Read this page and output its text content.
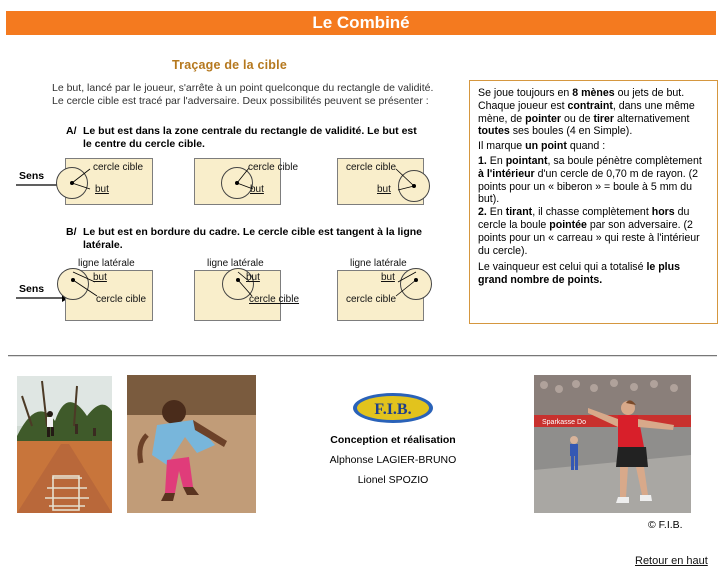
Le Combiné
Traçage de la cible
Le but, lancé par le joueur, s'arrête à un point quelconque du rectangle de validité. Le cercle cible est tracé par l'adversaire. Deux possibilités peuvent se présenter :
A/ Le but est dans la zone centrale du rectangle de validité. Le but est
le centre du cercle cible.
Sens
cercle cible
but
cercle cible
but
cercle cible
but
B/ Le but est en bordure du cadre. Le cercle cible est tangent à la ligne
latérale.
Sens
ligne latérale
but
cercle cible
ligne latérale
but
cercle cible
ligne latérale
but
cercle cible

Se joue toujours en 8 mènes ou jets de but. Chaque joueur est contraint, dans une même mène, de pointer ou de tirer alternativement toutes ses boules (4 en Simple).

Il marque un point quand :

1. En pointant, sa boule pénètre complètement à l'intérieur d'un cercle de 0,70 m de rayon. (2 points pour un « biberon » = boule à 5 mm du but).

2. En tirant, il chasse complètement hors du cercle la boule pointée par son adversaire. (2 points pour un « carreau » qui reste à l'intérieur du cercle).

Le vainqueur est celui qui a totalisé le plus grand nombre de points.

F.I.B.
Conception et réalisation
Alphonse LAGIER-BRUNO
Lionel SPOZIO
Sparkasse Do
© F.I.B.
Retour en haut
